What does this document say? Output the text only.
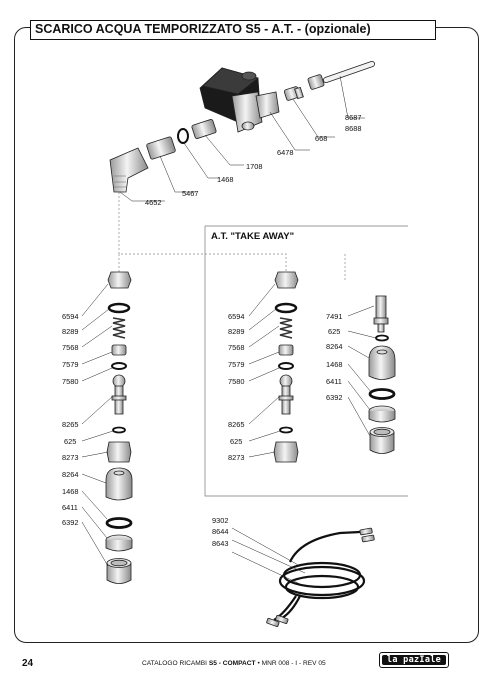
SCARICO ACQUA TEMPORIZZATO S5 - A.T. - (opzionale)
8687
8688
6478
668
1708
1468
5467
4652
A.T. "TAKE AWAY"
6594
8289
7568
7579
7580
8265
625
8273
8264
1468
6411
6392
6594
8289
7568
7579
7580
8265
625
8273
7491
625
8264
1468
6411
6392
9302
8644
8643
24	CATALOGO RICAMBI S5 - COMPACT • MNR 008 - I - REV 05	la pazIale
